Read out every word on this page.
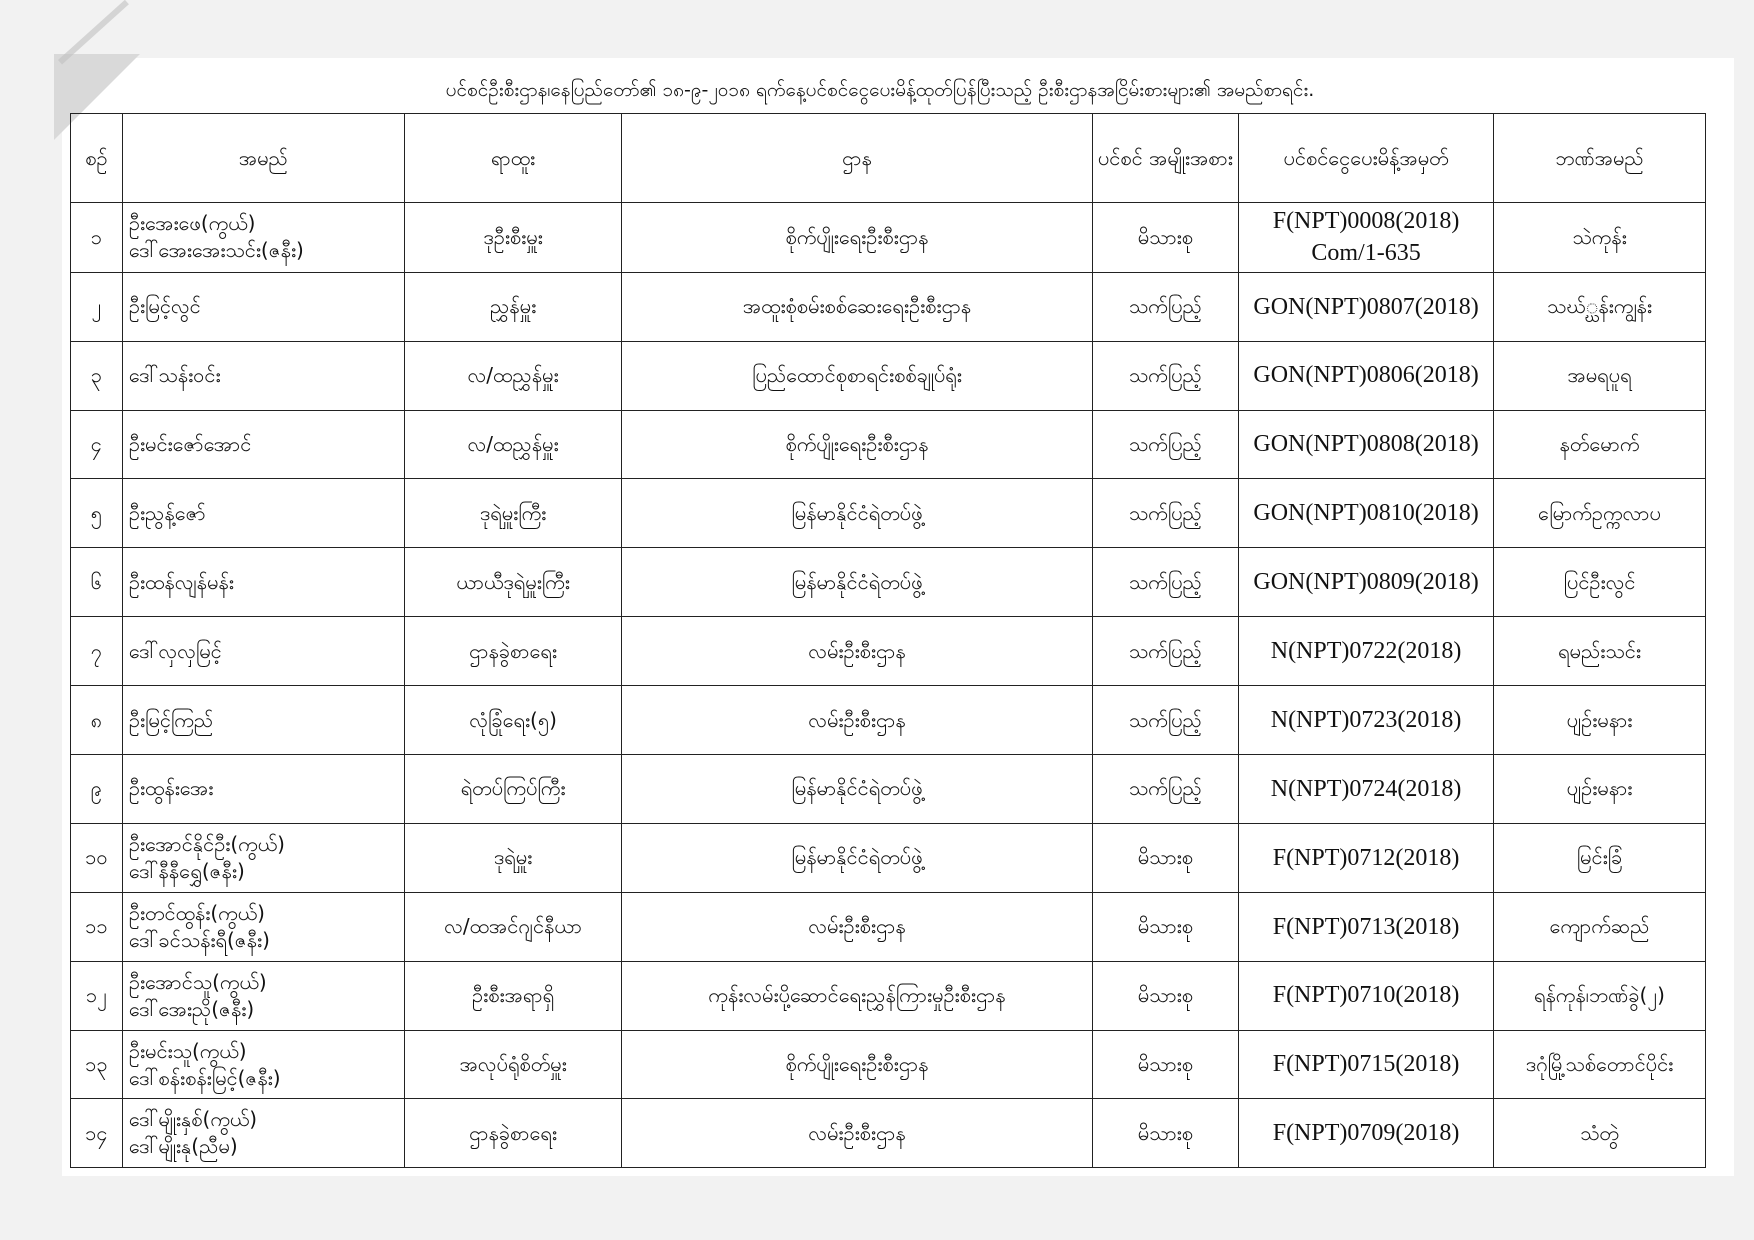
ပင်စင်ဦးစီးဌာန၊နေပြည်တော်၏ ၁၈-၉-၂၀၁၈ ရက်နေ့ပင်စင်ငွေပေးမိန့်ထုတ်ပြန်ပြီးသည့် ဦးစီးဌာနအငြိမ်းစားများ၏ အမည်စာရင်း.
စဉ်	အမည်	ရာထူး	ဌာန	ပင်စင် အမျိုးအစား	ပင်စင်ငွေပေးမိန့်အမှတ်	ဘဏ်အမည်
၁	ဦးအေးဖေ(ကွယ်)
ဒေါ်အေးအေးသင်း(ဇနီး)	ဒုဦးစီးမှူး	စိုက်ပျိုးရေးဦးစီးဌာန	မိသားစု	F(NPT)0008(2018)
Com/1-635	သဲကုန်း
၂	ဦးမြင့်လွင်	ညွှန်မှူး	အထူးစုံစမ်းစစ်ဆေးရေးဦးစီးဌာန	သက်ပြည့်	GON(NPT)0807(2018)	သဃ်္ဃန်းကျွန်း
၃	ဒေါ်သန်းဝင်း	လ/ထညွှန်မှူး	ပြည်ထောင်စုစာရင်းစစ်ချုပ်ရုံး	သက်ပြည့်	GON(NPT)0806(2018)	အမရပူရ
၄	ဦးမင်းဇော်အောင်	လ/ထညွှန်မှူး	စိုက်ပျိုးရေးဦးစီးဌာန	သက်ပြည့်	GON(NPT)0808(2018)	နတ်မောက်
၅	ဦးညွန့်ဇော်	ဒုရဲမှူးကြီး	မြန်မာနိုင်ငံရဲတပ်ဖွဲ့	သက်ပြည့်	GON(NPT)0810(2018)	မြောက်ဥက္ကလာပ
၆	ဦးထန်လျန်မန်း	ယာယီဒုရဲမှူးကြီး	မြန်မာနိုင်ငံရဲတပ်ဖွဲ့	သက်ပြည့်	GON(NPT)0809(2018)	ပြင်ဦးလွင်
၇	ဒေါ်လှလှမြင့်	ဌာနခွဲစာရေး	လမ်းဦးစီးဌာန	သက်ပြည့်	N(NPT)0722(2018)	ရမည်းသင်း
၈	ဦးမြင့်ကြည်	လုံခြုံရေး(၅)	လမ်းဦးစီးဌာန	သက်ပြည့်	N(NPT)0723(2018)	ပျဉ်းမနား
၉	ဦးထွန်းအေး	ရဲတပ်ကြပ်ကြီး	မြန်မာနိုင်ငံရဲတပ်ဖွဲ့	သက်ပြည့်	N(NPT)0724(2018)	ပျဉ်းမနား
၁၀	ဦးအောင်နိုင်ဦး(ကွယ်)
ဒေါ်နီနီရွှေ(ဇနီး)	ဒုရဲမှူး	မြန်မာနိုင်ငံရဲတပ်ဖွဲ့	မိသားစု	F(NPT)0712(2018)	မြင်းခြံ
၁၁	ဦးတင်ထွန်း(ကွယ်)
ဒေါ်ခင်သန်းရီ(ဇနီး)	လ/ထအင်ဂျင်နီယာ	လမ်းဦးစီးဌာန	မိသားစု	F(NPT)0713(2018)	ကျောက်ဆည်
၁၂	ဦးအောင်သူ(ကွယ်)
ဒေါ်အေးညို(ဇနီး)	ဦးစီးအရာရှိ	ကုန်းလမ်းပို့ဆောင်ရေးညွှန်ကြားမှုဦးစီးဌာန	မိသားစု	F(NPT)0710(2018)	ရန်ကုန်၊ဘဏ်ခွဲ(၂)
၁၃	ဦးမင်းသူ(ကွယ်)
ဒေါ်စန်းစန်းမြင့်(ဇနီး)	အလုပ်ရုံစိတ်မှူး	စိုက်ပျိုးရေးဦးစီးဌာန	မိသားစု	F(NPT)0715(2018)	ဒဂုံမြို့သစ်တောင်ပိုင်း
၁၄	ဒေါ်မျိုးနှစ်(ကွယ်)
ဒေါ်မျိုးနု(ညီမ)	ဌာနခွဲစာရေး	လမ်းဦးစီးဌာန	မိသားစု	F(NPT)0709(2018)	သံတွဲ
